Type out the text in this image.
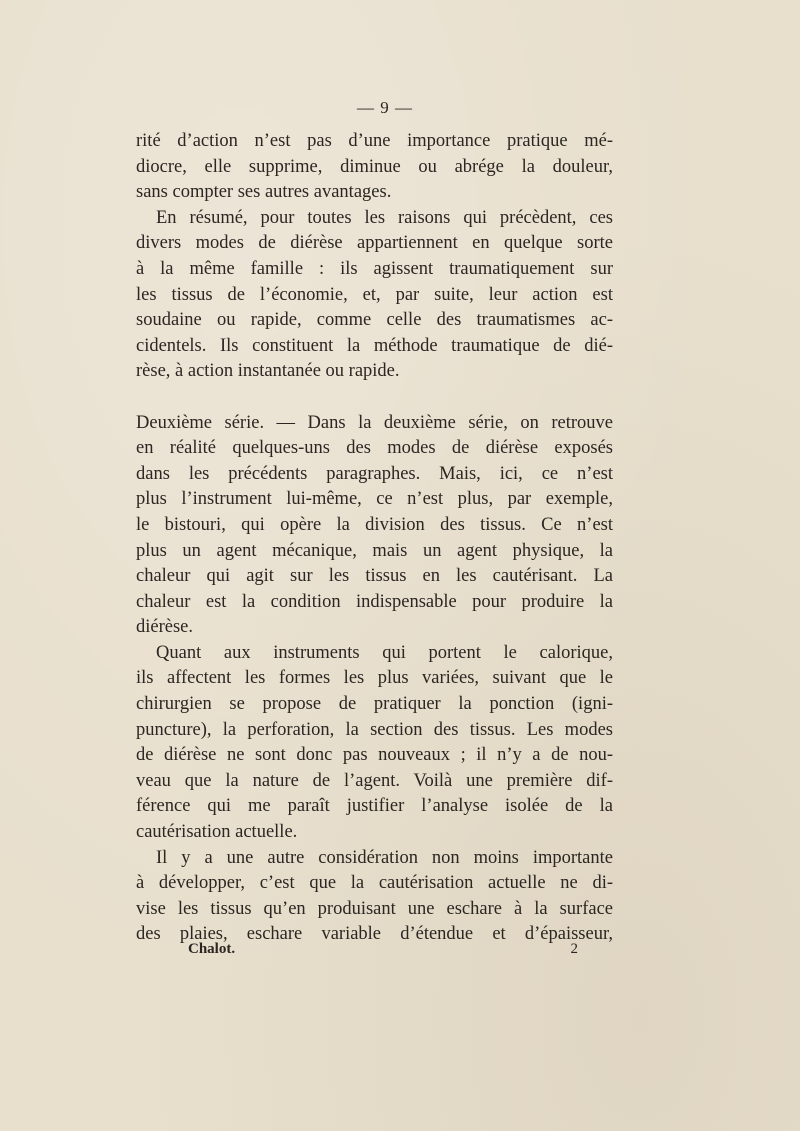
— 9 —
rité d’action n’est pas d’une importance pratique mé-
diocre, elle supprime, diminue ou abrége la douleur,
sans compter ses autres avantages.
En résumé, pour toutes les raisons qui précèdent, ces
divers modes de diérèse appartiennent en quelque sorte
à la même famille : ils agissent traumatiquement sur
les tissus de l’économie, et, par suite, leur action est
soudaine ou rapide, comme celle des traumatismes ac-
cidentels. Ils constituent la méthode traumatique de dié-
rèse, à action instantanée ou rapide.
Deuxième série. — Dans la deuxième série, on retrouve
en réalité quelques-uns des modes de diérèse exposés
dans les précédents paragraphes. Mais, ici, ce n’est
plus l’instrument lui-même, ce n’est plus, par exemple,
le bistouri, qui opère la division des tissus. Ce n’est
plus un agent mécanique, mais un agent physique, la
chaleur qui agit sur les tissus en les cautérisant. La
chaleur est la condition indispensable pour produire la
diérèse.
Quant aux instruments qui portent le calorique,
ils affectent les formes les plus variées, suivant que le
chirurgien se propose de pratiquer la ponction (igni-
puncture), la perforation, la section des tissus. Les modes
de diérèse ne sont donc pas nouveaux ; il n’y a de nou-
veau que la nature de l’agent. Voilà une première dif-
férence qui me paraît justifier l’analyse isolée de la
cautérisation actuelle.
Il y a une autre considération non moins importante
à développer, c’est que la cautérisation actuelle ne di-
vise les tissus qu’en produisant une eschare à la surface
des plaies, eschare variable d’étendue et d’épaisseur,
Chalot.	2
